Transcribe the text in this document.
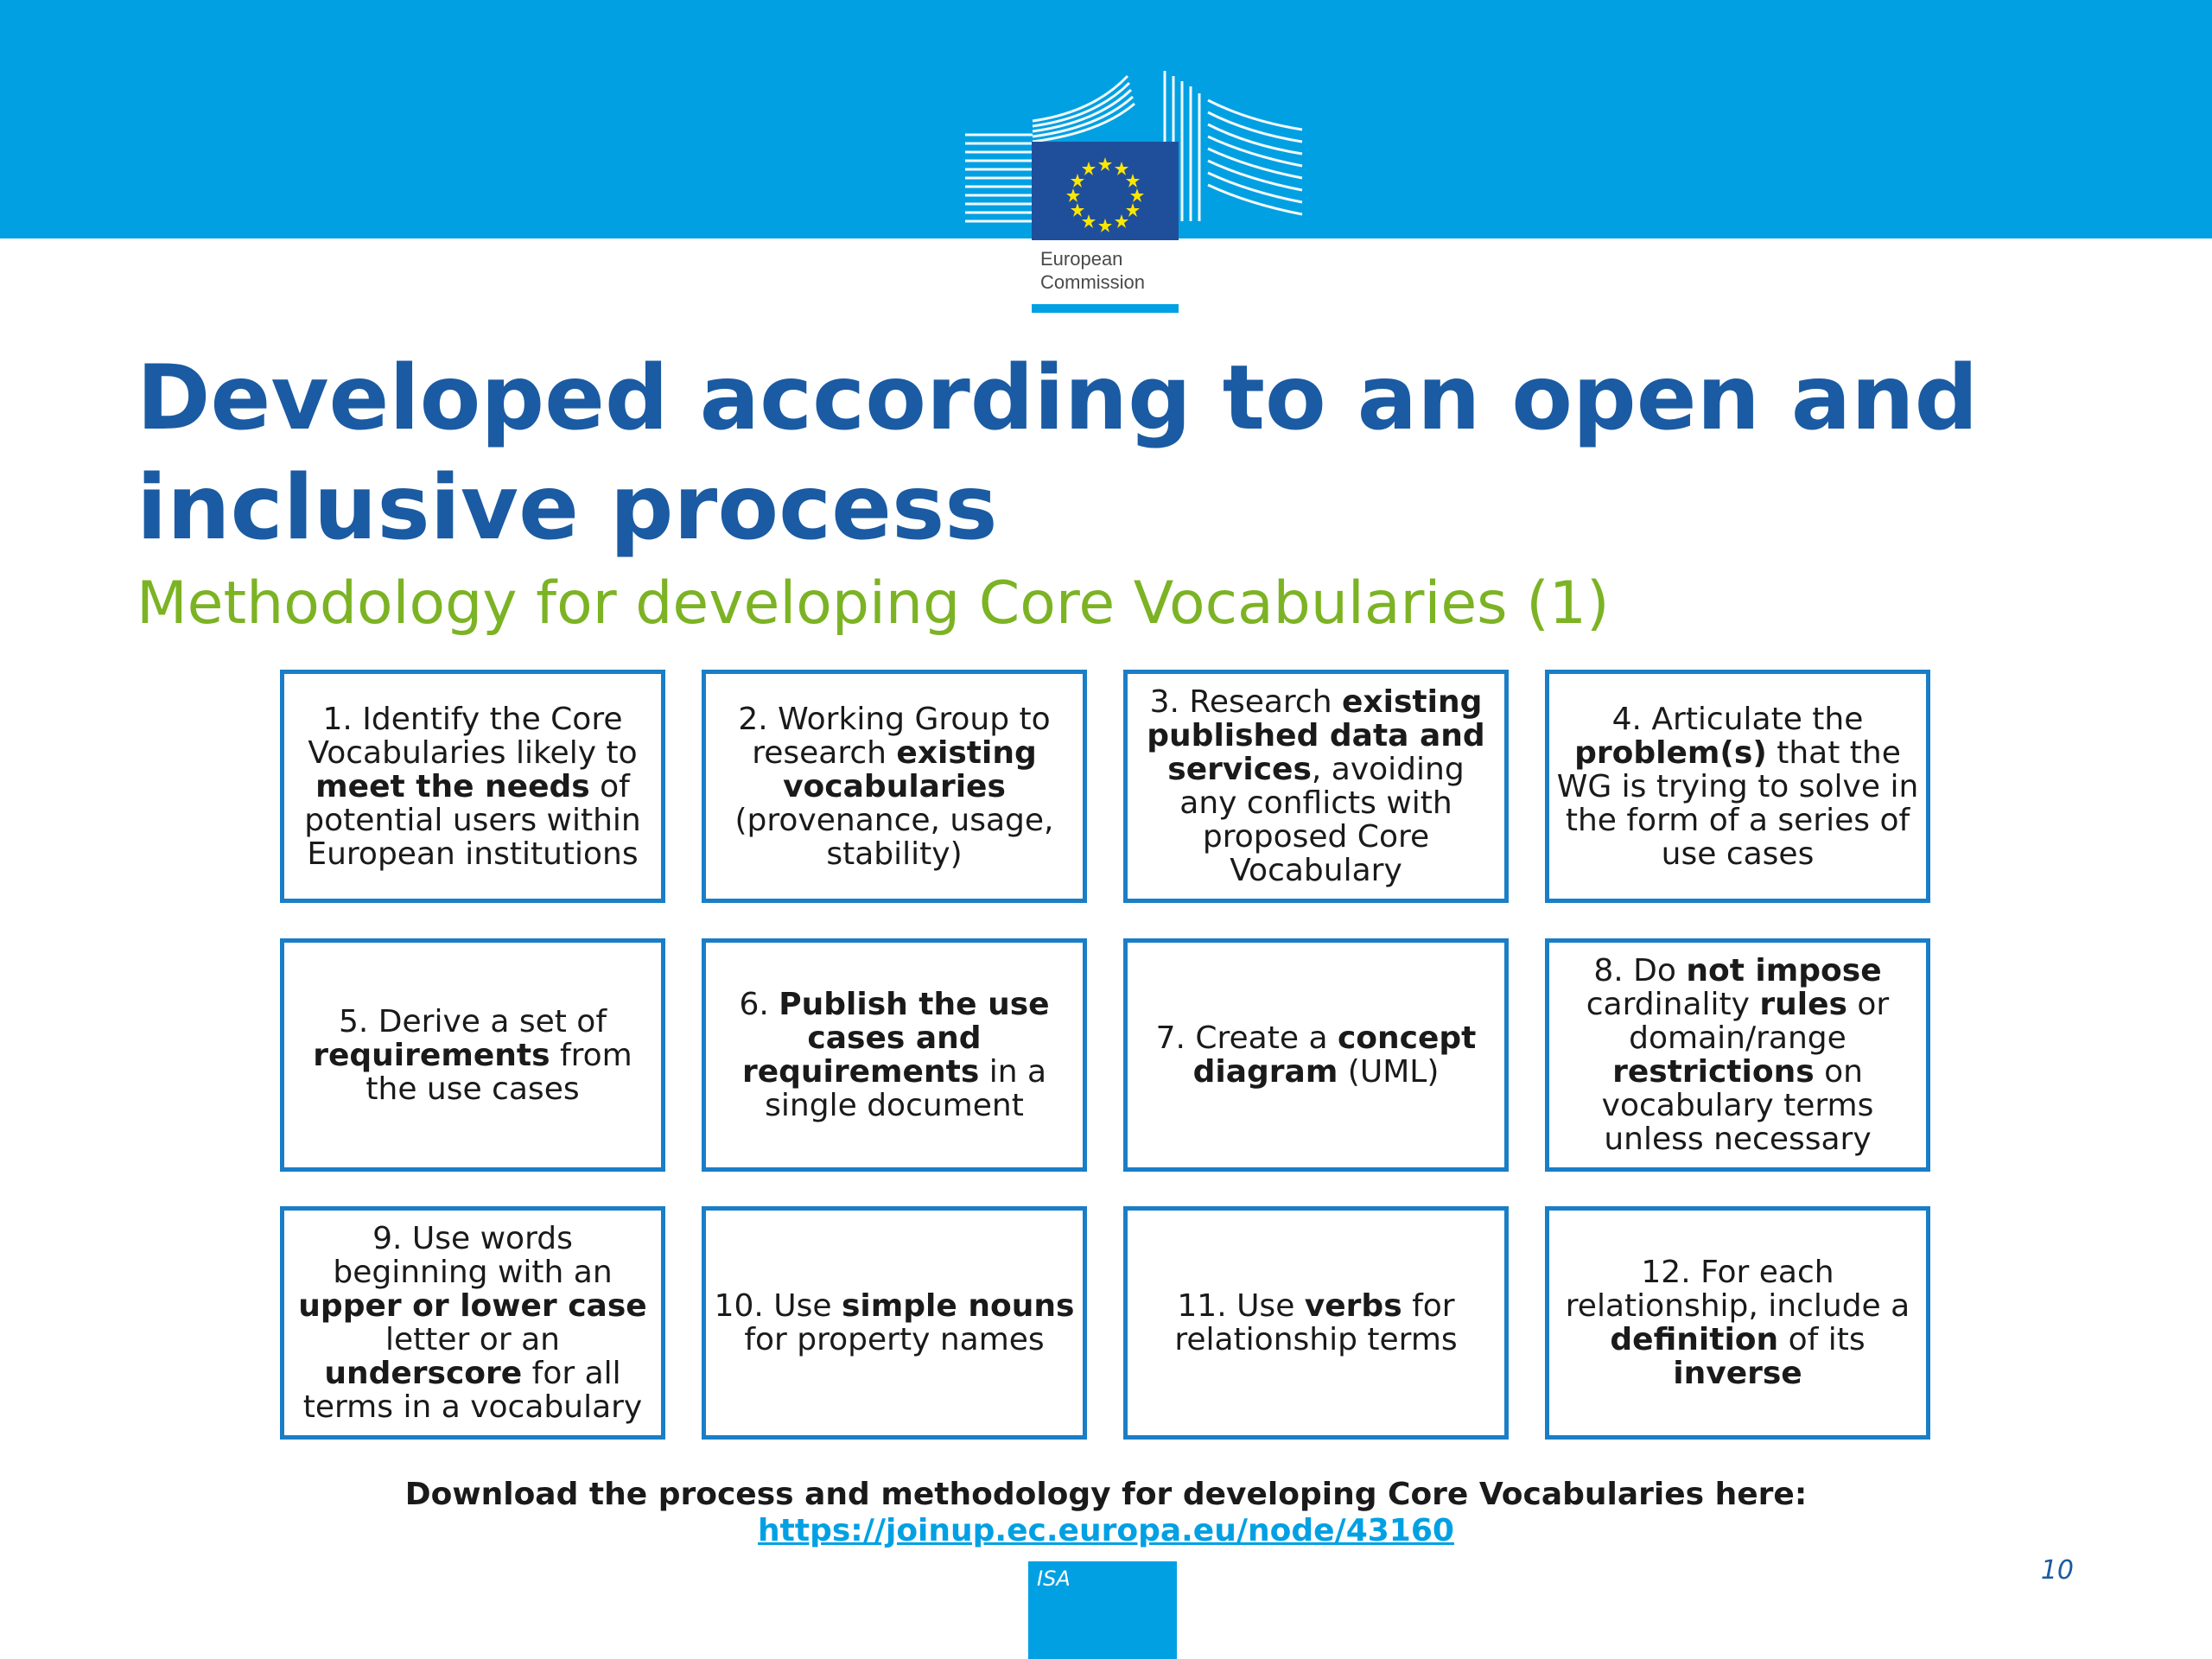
European
Commission
Developed according to an open and inclusive process
Methodology for developing Core Vocabularies (1)
1. Identify the Core Vocabularies likely to meet the needs of potential users within European institutions
2. Working Group to research existing vocabularies (provenance, usage, stability)
3. Research existing published data and services, avoiding any conflicts with proposed Core Vocabulary
4. Articulate the problem(s) that the WG is trying to solve in the form of a series of use cases
5. Derive a set of requirements from the use cases
6. Publish the use cases and requirements in a single document
7. Create a concept diagram (UML)
8. Do not impose cardinality rules or domain/range restrictions on vocabulary terms unless necessary
9. Use words beginning with an upper or lower case letter or an underscore for all terms in a vocabulary
10. Use simple nouns for property names
11. Use verbs for relationship terms
12. For each relationship, include a definition of its inverse
Download the process and methodology for developing Core Vocabularies here:
https://joinup.ec.europa.eu/node/43160
ISA	10
